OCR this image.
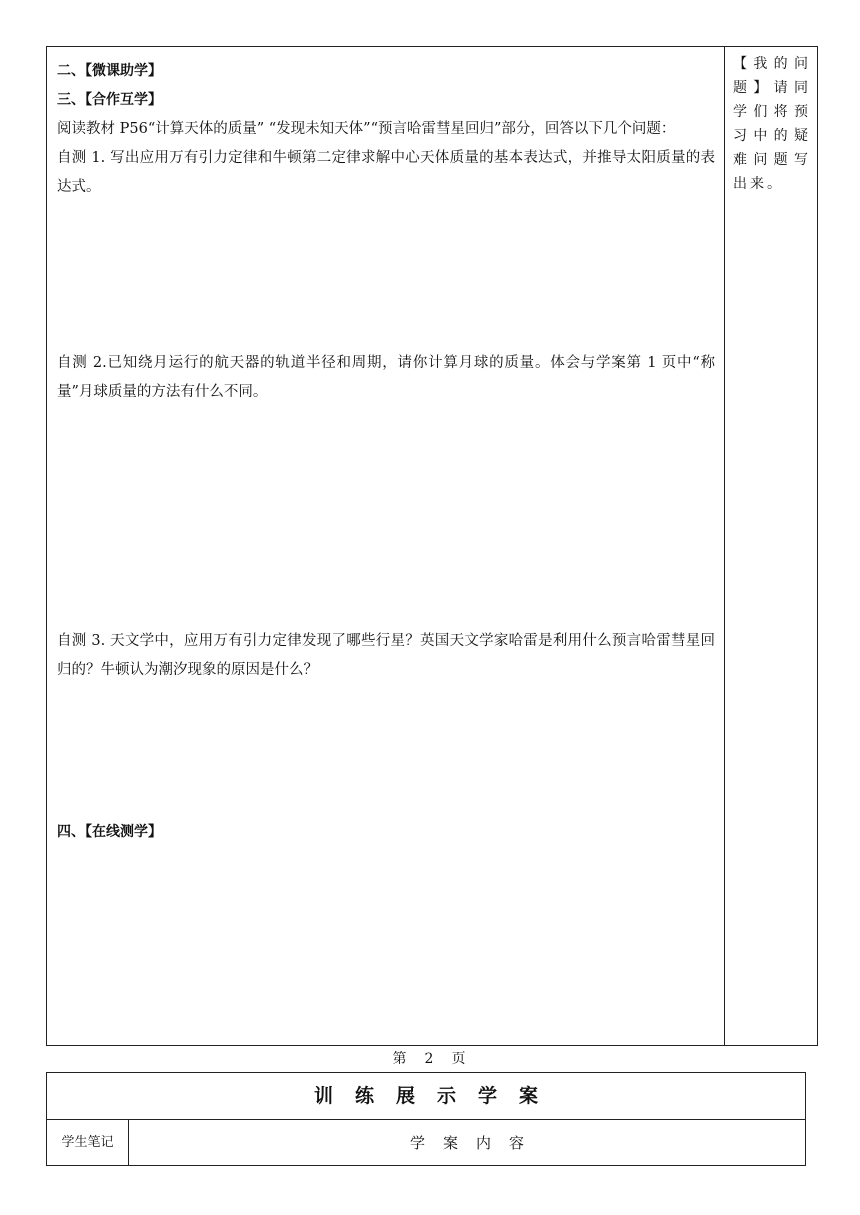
二、【微课助学】

三、【合作互学】

阅读教材 P56“计算天体的质量” “发现未知天体”“预言哈雷彗星回归”部分，回答以下几个问题：

自测 1. 写出应用万有引力定律和牛顿第二定律求解中心天体质量的基本表达式，并推导太阳质量的表达式。

自测 2.已知绕月运行的航天器的轨道半径和周期，请你计算月球的质量。体会与学案第 1 页中“称量”月球质量的方法有什么不同。

自测 3. 天文学中，应用万有引力定律发现了哪些行星？英国天文学家哈雷是利用什么预言哈雷彗星回归的？牛顿认为潮汐现象的原因是什么？

四、【在线测学】

【我的问题】请同学们将预习中的疑难问题写出来。
第 2 页
训练展示学案
学生笔记	学案内容
